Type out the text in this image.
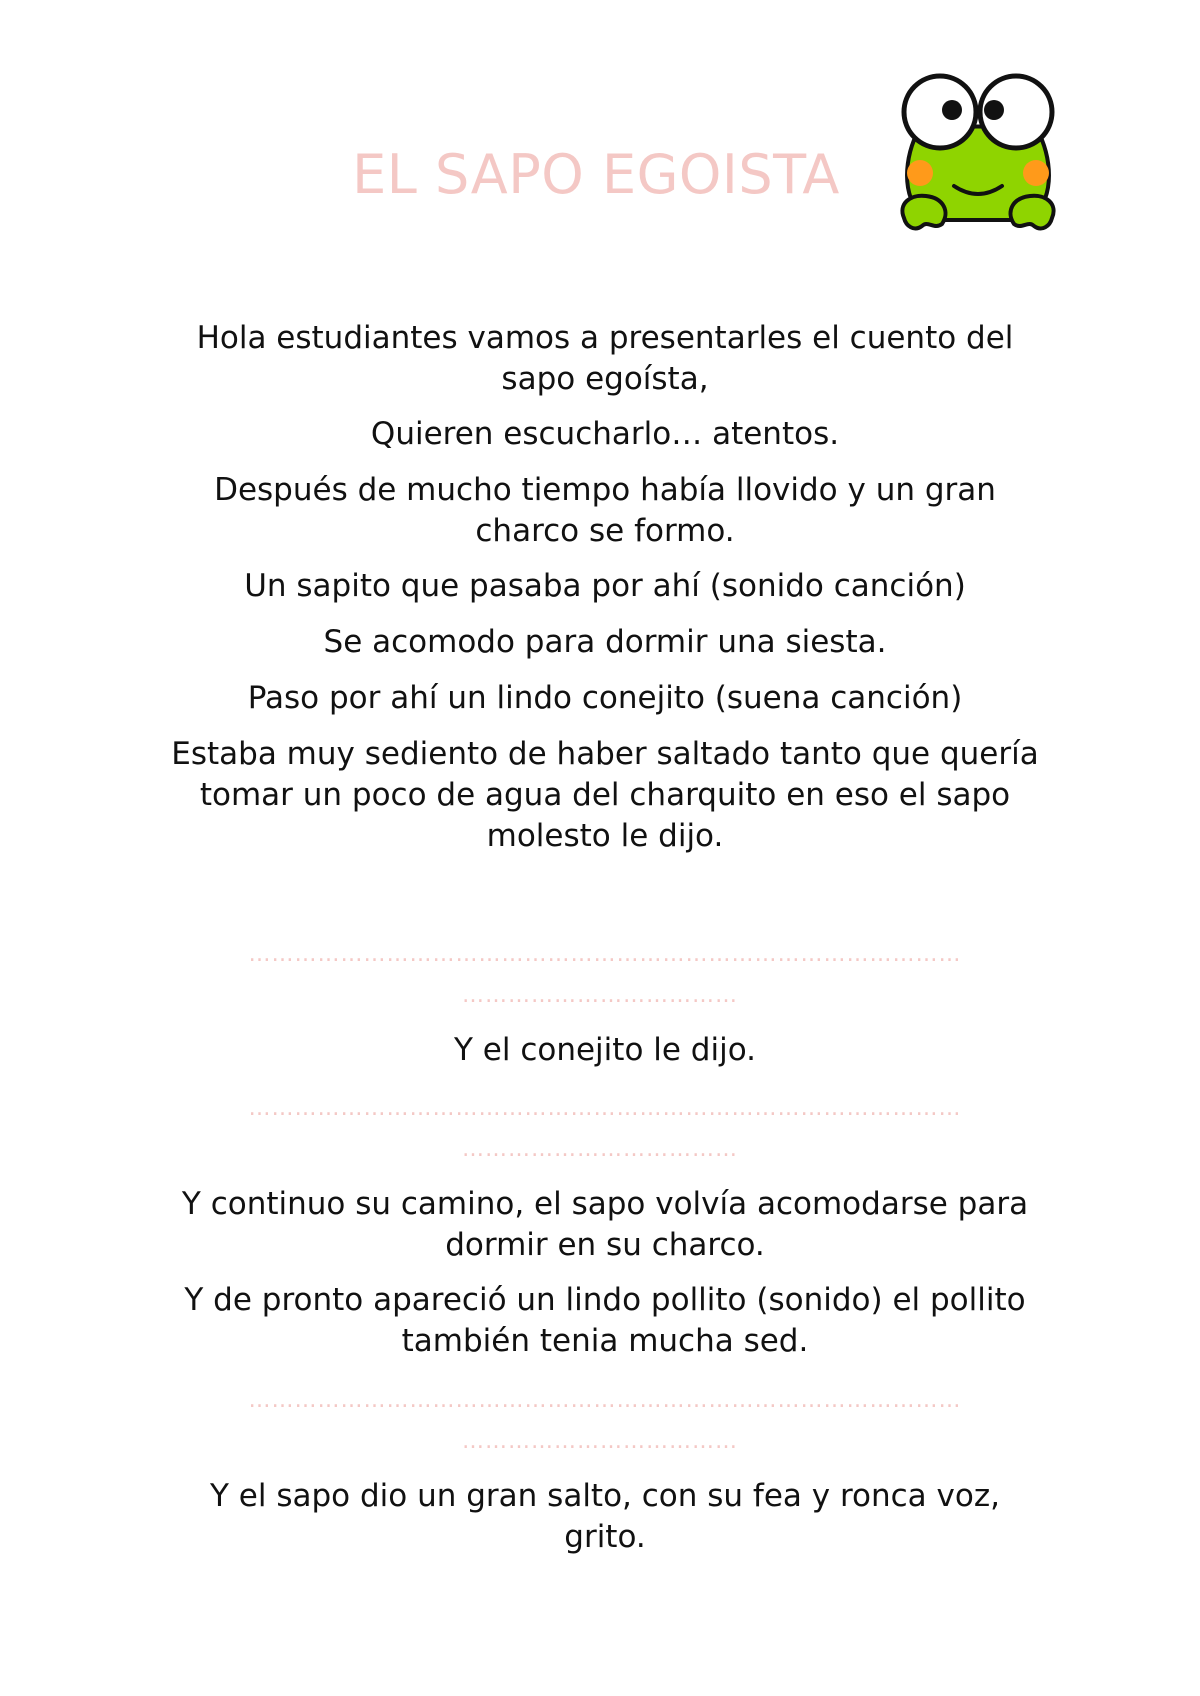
EL SAPO EGOISTA

Hola estudiantes vamos a presentarles el cuento del sapo egoísta,

Quieren escucharlo… atentos.

Después de mucho tiempo había llovido y un gran charco se formo.

Un sapito que pasaba por ahí (sonido canción)

Se acomodo para dormir una siesta.

Paso por ahí un lindo conejito (suena canción)

Estaba muy sediento de haber saltado tanto que quería tomar un poco de agua del charquito en eso el sapo molesto le dijo.

…………………………………………………………………………………

………………………………

Y el conejito le dijo.

…………………………………………………………………………………

………………………………

Y continuo su camino, el sapo volvía acomodarse para dormir en su charco.

Y de pronto apareció un lindo pollito (sonido) el pollito también tenia mucha sed.

…………………………………………………………………………………

………………………………

Y el sapo dio un gran salto, con su fea y ronca voz, grito.
